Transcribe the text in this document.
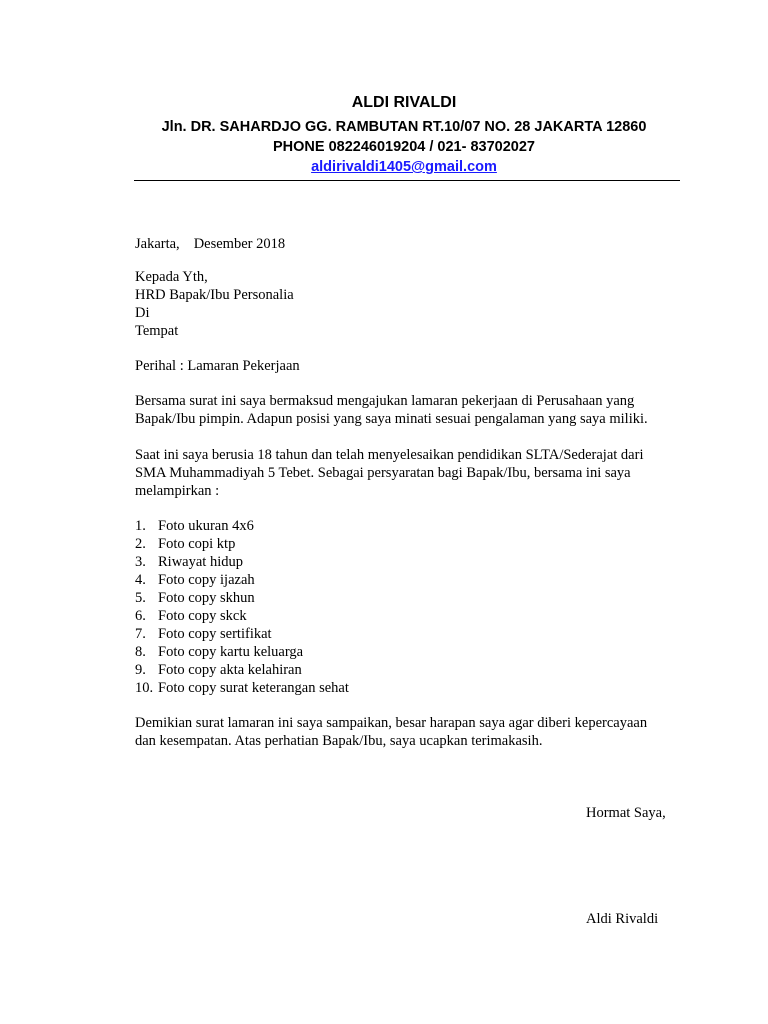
ALDI RIVALDI
Jln. DR. SAHARDJO GG. RAMBUTAN RT.10/07 NO. 28 JAKARTA 12860
PHONE 082246019204 / 021- 83702027
aldirivaldi1405@gmail.com
Jakarta, Desember 2018
Kepada Yth,
HRD Bapak/Ibu Personalia
Di
Tempat
Perihal : Lamaran Pekerjaan
Bersama surat ini saya bermaksud mengajukan lamaran pekerjaan di Perusahaan yang
Bapak/Ibu pimpin. Adapun posisi yang saya minati sesuai pengalaman yang saya miliki.
Saat ini saya berusia 18 tahun dan telah menyelesaikan pendidikan SLTA/Sederajat dari
SMA Muhammadiyah 5 Tebet. Sebagai persyaratan bagi Bapak/Ibu, bersama ini saya
melampirkan :
1. Foto ukuran 4x6
2. Foto copi ktp
3. Riwayat hidup
4. Foto copy ijazah
5. Foto copy skhun
6. Foto copy skck
7. Foto copy sertifikat
8. Foto copy kartu keluarga
9. Foto copy akta kelahiran
10. Foto copy surat keterangan sehat
Demikian surat lamaran ini saya sampaikan, besar harapan saya agar diberi kepercayaan
dan kesempatan. Atas perhatian Bapak/Ibu, saya ucapkan terimakasih.
Hormat Saya,
Aldi Rivaldi
